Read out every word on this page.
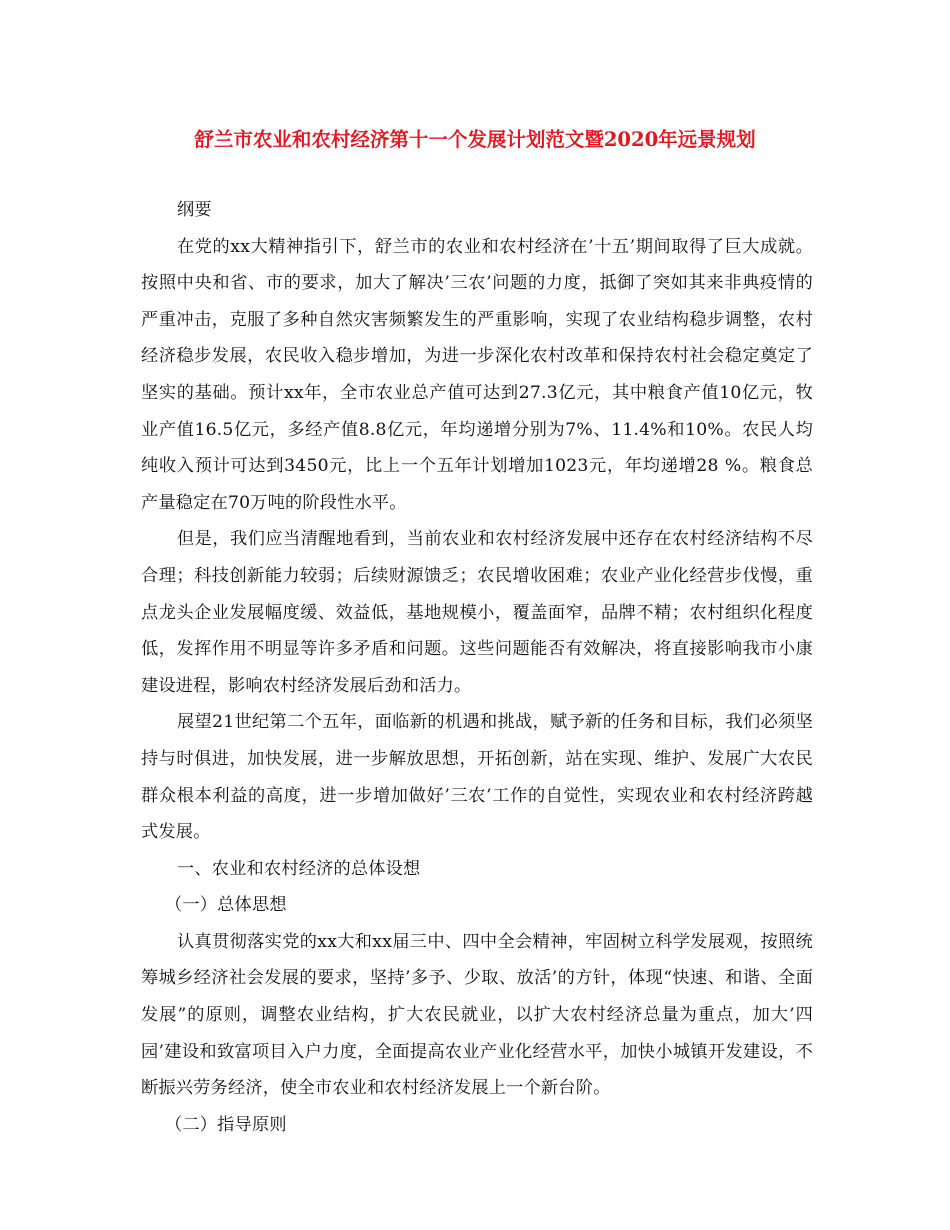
舒兰市农业和农村经济第十一个发展计划范文暨2020年远景规划

纲要

在党的xx大精神指引下，舒兰市的农业和农村经济在’十五’期间取得了巨大成就。按照中央和省、市的要求，加大了解决’三农’问题的力度，抵御了突如其来非典疫情的严重冲击，克服了多种自然灾害频繁发生的严重影响，实现了农业结构稳步调整，农村经济稳步发展，农民收入稳步增加，为进一步深化农村改革和保持农村社会稳定奠定了坚实的基础。预计xx年，全市农业总产值可达到27.3亿元，其中粮食产值10亿元，牧业产值16.5亿元，多经产值8.8亿元，年均递增分别为7%、11.4%和10%。农民人均纯收入预计可达到3450元，比上一个五年计划增加1023元，年均递增28 %。粮食总产量稳定在70万吨的阶段性水平。

但是，我们应当清醒地看到，当前农业和农村经济发展中还存在农村经济结构不尽合理；科技创新能力较弱；后续财源馈乏；农民增收困难；农业产业化经营步伐慢，重点龙头企业发展幅度缓、效益低，基地规模小，覆盖面窄，品牌不精；农村组织化程度低，发挥作用不明显等许多矛盾和问题。这些问题能否有效解决，将直接影响我市小康建设进程，影响农村经济发展后劲和活力。

展望21世纪第二个五年，面临新的机遇和挑战，赋予新的任务和目标，我们必须坚持与时俱进，加快发展，进一步解放思想，开拓创新，站在实现、维护、发展广大农民群众根本利益的高度，进一步增加做好’三农’工作的自觉性，实现农业和农村经济跨越式发展。

一、农业和农村经济的总体设想

（一）总体思想

认真贯彻落实党的xx大和xx届三中、四中全会精神，牢固树立科学发展观，按照统筹城乡经济社会发展的要求，坚持’多予、少取、放活’的方针，体现“快速、和谐、全面发展”的原则，调整农业结构，扩大农民就业，以扩大农村经济总量为重点，加大’四园’建设和致富项目入户力度，全面提高农业产业化经营水平，加快小城镇开发建设，不断振兴劳务经济，使全市农业和农村经济发展上一个新台阶。

（二）指导原则
